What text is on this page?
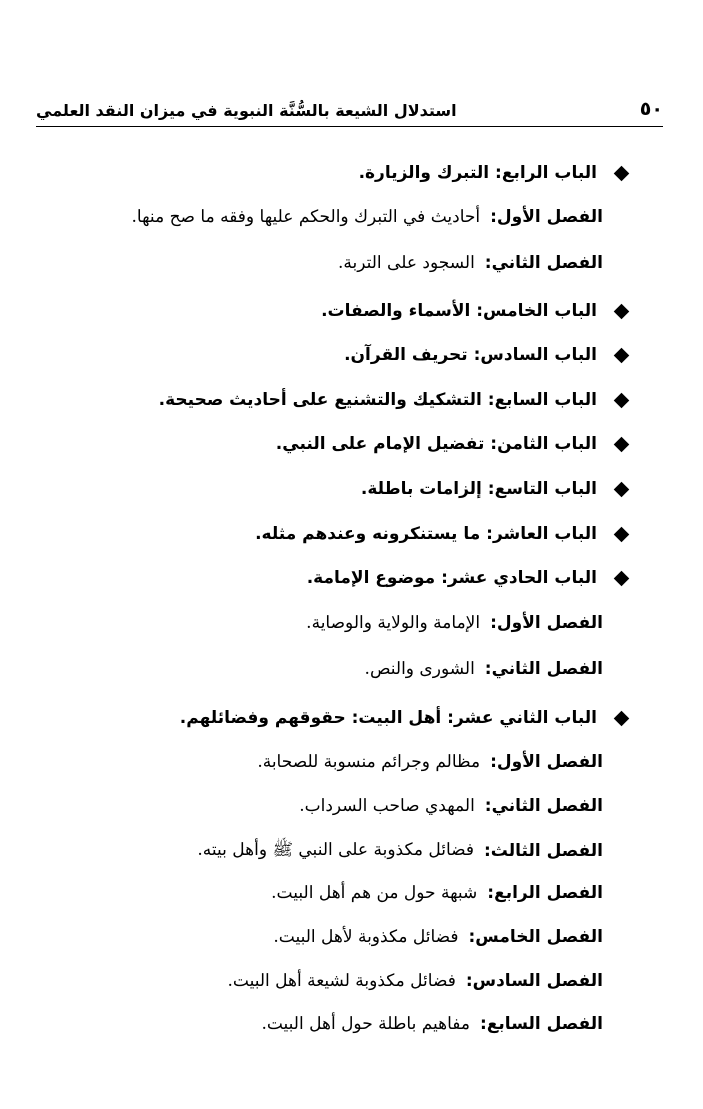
٥٠
استدلال الشيعة بالسُّنَّة النبوية في ميزان النقد العلمي
الباب الرابع: التبرك والزيارة.
الفصل الأول:
أحاديث في التبرك والحكم عليها وفقه ما صح منها.
الفصل الثاني:
السجود على التربة.
الباب الخامس: الأسماء والصفات.
الباب السادس: تحريف القرآن.
الباب السابع: التشكيك والتشنيع على أحاديث صحيحة.
الباب الثامن: تفضيل الإمام على النبي.
الباب التاسع: إلزامات باطلة.
الباب العاشر: ما يستنكرونه وعندهم مثله.
الباب الحادي عشر: موضوع الإمامة.
الفصل الأول:
الإمامة والولاية والوصاية.
الفصل الثاني:
الشورى والنص.
الباب الثاني عشر: أهل البيت: حقوقهم وفضائلهم.
الفصل الأول:
مظالم وجرائم منسوبة للصحابة.
الفصل الثاني:
المهدي صاحب السرداب.
الفصل الثالث:
فضائل مكذوبة على النبي ﷺ وأهل بيته.
الفصل الرابع:
شبهة حول من هم أهل البيت.
الفصل الخامس:
فضائل مكذوبة لأهل البيت.
الفصل السادس:
فضائل مكذوبة لشيعة أهل البيت.
الفصل السابع:
مفاهيم باطلة حول أهل البيت.
